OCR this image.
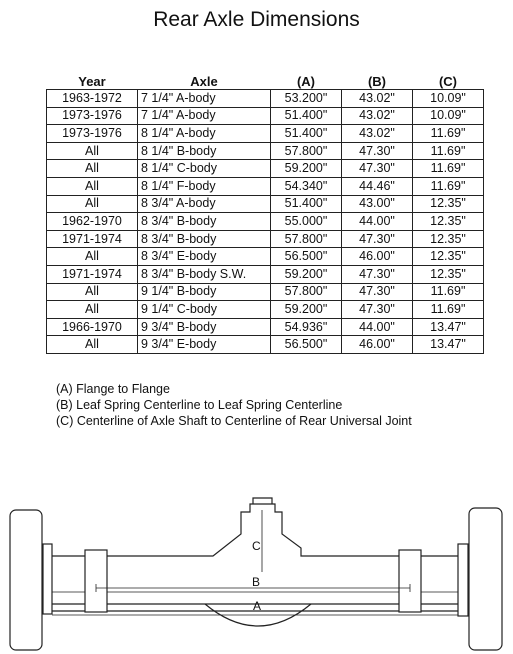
Rear Axle Dimensions
Year	Axle	(A)	(B)	(C)
1963-1972	7 1/4" A-body	53.200"	43.02"	10.09"
1973-1976	7 1/4" A-body	51.400"	43.02"	10.09"
1973-1976	8 1/4" A-body	51.400"	43.02"	11.69"
All	8 1/4" B-body	57.800"	47.30"	11.69"
All	8 1/4" C-body	59.200"	47.30"	11.69"
All	8 1/4" F-body	54.340"	44.46"	11.69"
All	8 3/4" A-body	51.400"	43.00"	12.35"
1962-1970	8 3/4" B-body	55.000"	44.00"	12.35"
1971-1974	8 3/4" B-body	57.800"	47.30"	12.35"
All	8 3/4" E-body	56.500"	46.00"	12.35"
1971-1974	8 3/4" B-body S.W.	59.200"	47.30"	12.35"
All	9 1/4" B-body	57.800"	47.30"	11.69"
All	9 1/4" C-body	59.200"	47.30"	11.69"
1966-1970	9 3/4" B-body	54.936"	44.00"	13.47"
All	9 3/4" E-body	56.500"	46.00"	13.47"
(A) Flange to Flange
(B) Leaf Spring Centerline to Leaf Spring Centerline
(C) Centerline of Axle Shaft to Centerline of Rear Universal Joint
C
B
A
